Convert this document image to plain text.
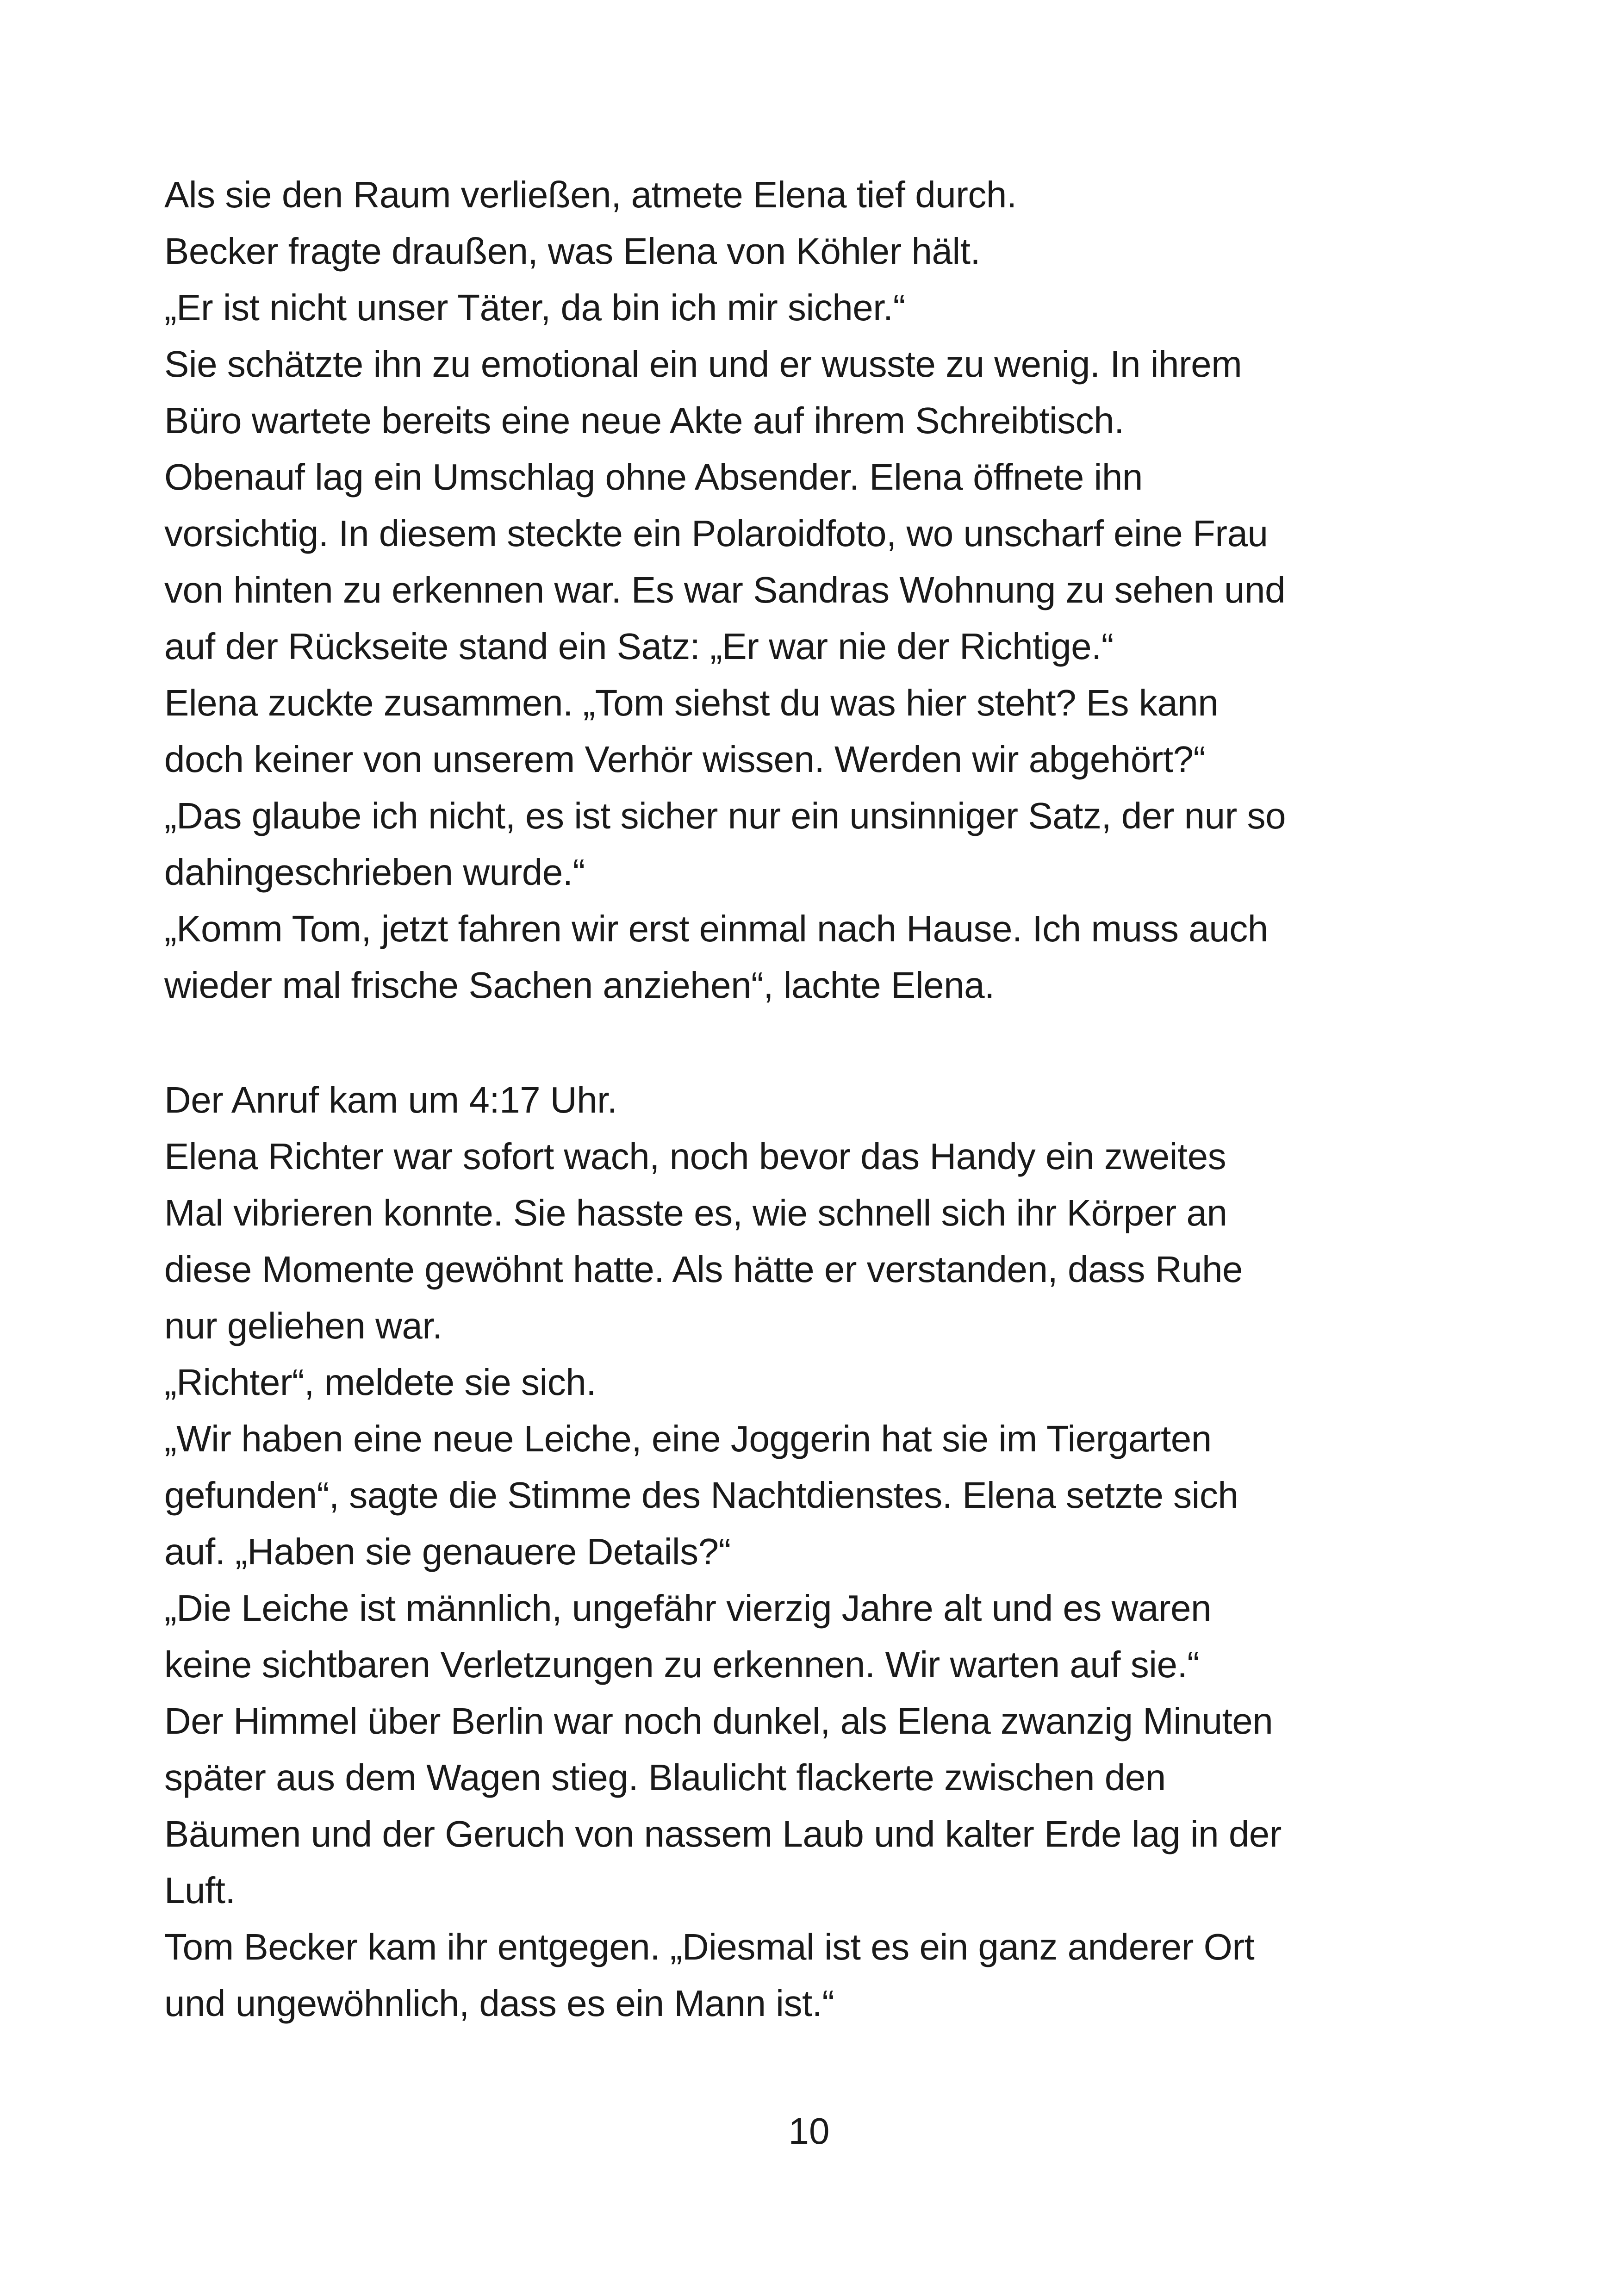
Als sie den Raum verließen, atmete Elena tief durch.
Becker fragte draußen, was Elena von Köhler hält.
„Er ist nicht unser Täter, da bin ich mir sicher.“
Sie schätzte ihn zu emotional ein und er wusste zu wenig. In ihrem
Büro wartete bereits eine neue Akte auf ihrem Schreibtisch.
Obenauf lag ein Umschlag ohne Absender. Elena öffnete ihn
vorsichtig. In diesem steckte ein Polaroidfoto, wo unscharf eine Frau
von hinten zu erkennen war. Es war Sandras Wohnung zu sehen und
auf der Rückseite stand ein Satz: „Er war nie der Richtige.“
Elena zuckte zusammen. „Tom siehst du was hier steht? Es kann
doch keiner von unserem Verhör wissen. Werden wir abgehört?“
„Das glaube ich nicht, es ist sicher nur ein unsinniger Satz, der nur so
dahingeschrieben wurde.“
„Komm Tom, jetzt fahren wir erst einmal nach Hause. Ich muss auch
wieder mal frische Sachen anziehen“, lachte Elena.
Der Anruf kam um 4:17 Uhr.
Elena Richter war sofort wach, noch bevor das Handy ein zweites
Mal vibrieren konnte. Sie hasste es, wie schnell sich ihr Körper an
diese Momente gewöhnt hatte. Als hätte er verstanden, dass Ruhe
nur geliehen war.
„Richter“, meldete sie sich.
„Wir haben eine neue Leiche, eine Joggerin hat sie im Tiergarten
gefunden“, sagte die Stimme des Nachtdienstes. Elena setzte sich
auf. „Haben sie genauere Details?“
„Die Leiche ist männlich, ungefähr vierzig Jahre alt und es waren
keine sichtbaren Verletzungen zu erkennen. Wir warten auf sie.“
Der Himmel über Berlin war noch dunkel, als Elena zwanzig Minuten
später aus dem Wagen stieg. Blaulicht flackerte zwischen den
Bäumen und der Geruch von nassem Laub und kalter Erde lag in der
Luft.
Tom Becker kam ihr entgegen. „Diesmal ist es ein ganz anderer Ort
und ungewöhnlich, dass es ein Mann ist.“
10
